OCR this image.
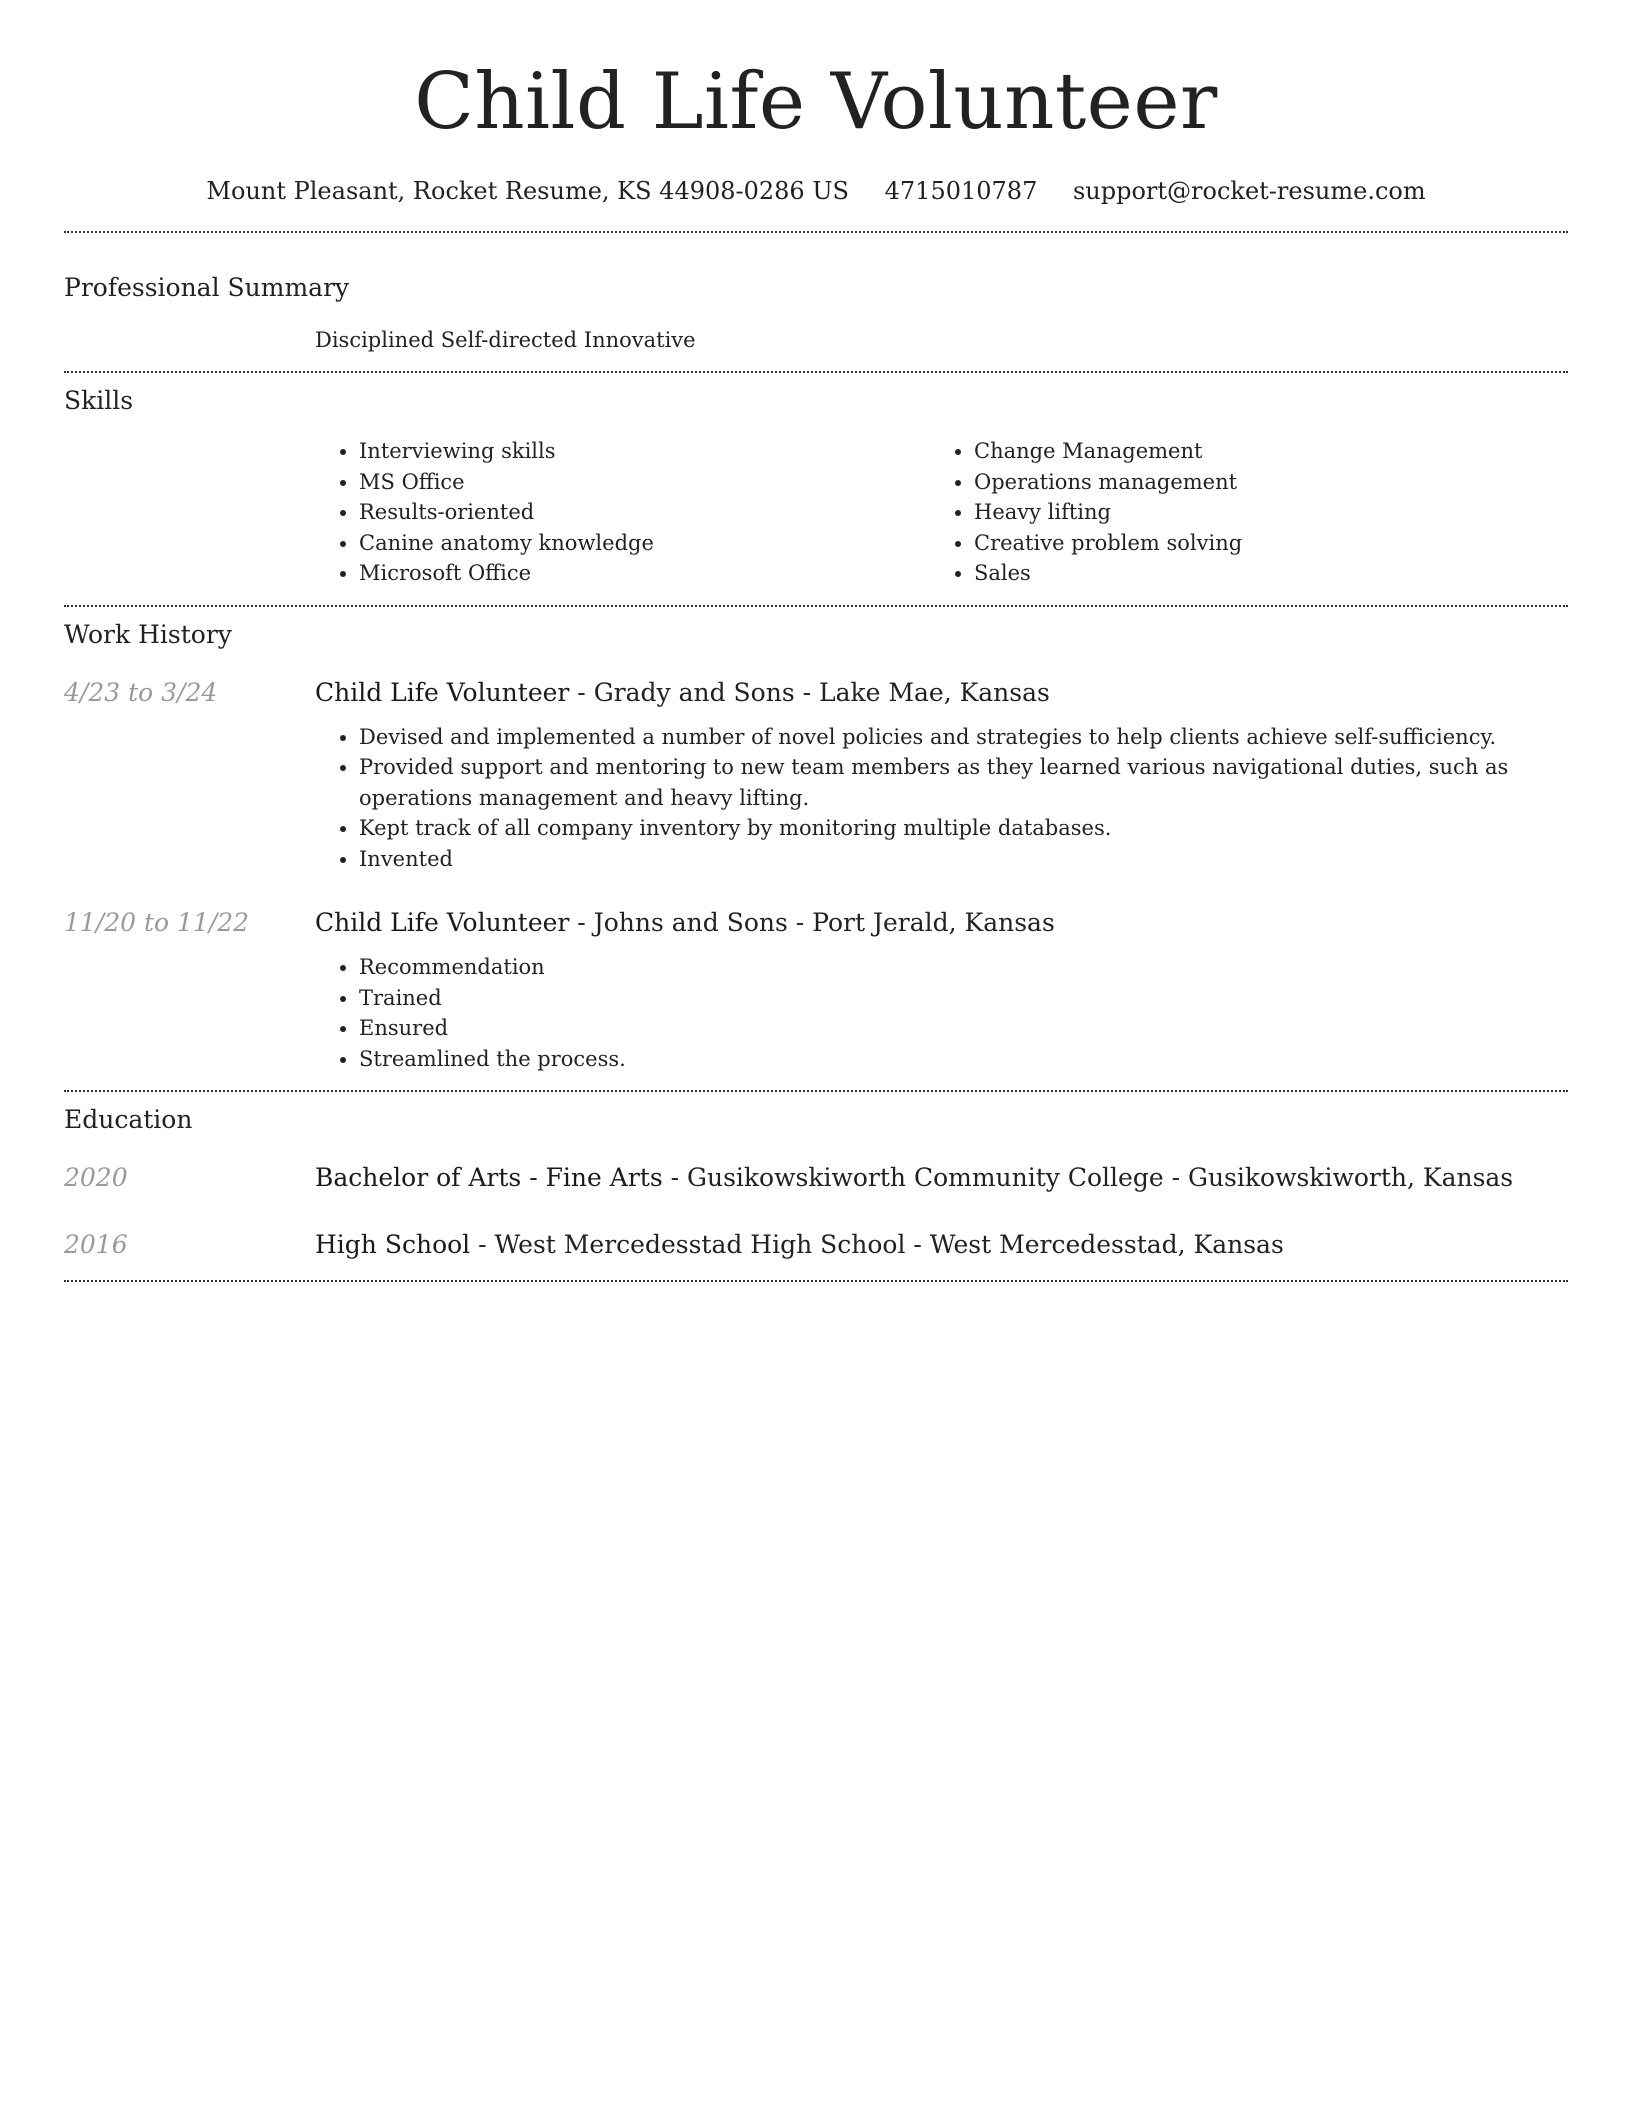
Child Life Volunteer
Mount Pleasant, Rocket Resume, KS 44908-0286 US 4715010787 support@rocket-resume.com
Professional Summary
Disciplined Self-directed Innovative
Skills
• Interviewing skills
• MS Office
• Results-oriented
• Canine anatomy knowledge
• Microsoft Office
• Change Management
• Operations management
• Heavy lifting
• Creative problem solving
• Sales
Work History
4/23 to 3/24	Child Life Volunteer - Grady and Sons - Lake Mae, Kansas
• Devised and implemented a number of novel policies and strategies to help clients achieve self-sufficiency.
• Provided support and mentoring to new team members as they learned various navigational duties, such as operations management and heavy lifting.
• Kept track of all company inventory by monitoring multiple databases.
• Invented
11/20 to 11/22	Child Life Volunteer - Johns and Sons - Port Jerald, Kansas
• Recommendation
• Trained
• Ensured
• Streamlined the process.
Education
2020	Bachelor of Arts - Fine Arts - Gusikowskiworth Community College - Gusikowskiworth, Kansas
2016	High School - West Mercedesstad High School - West Mercedesstad, Kansas
